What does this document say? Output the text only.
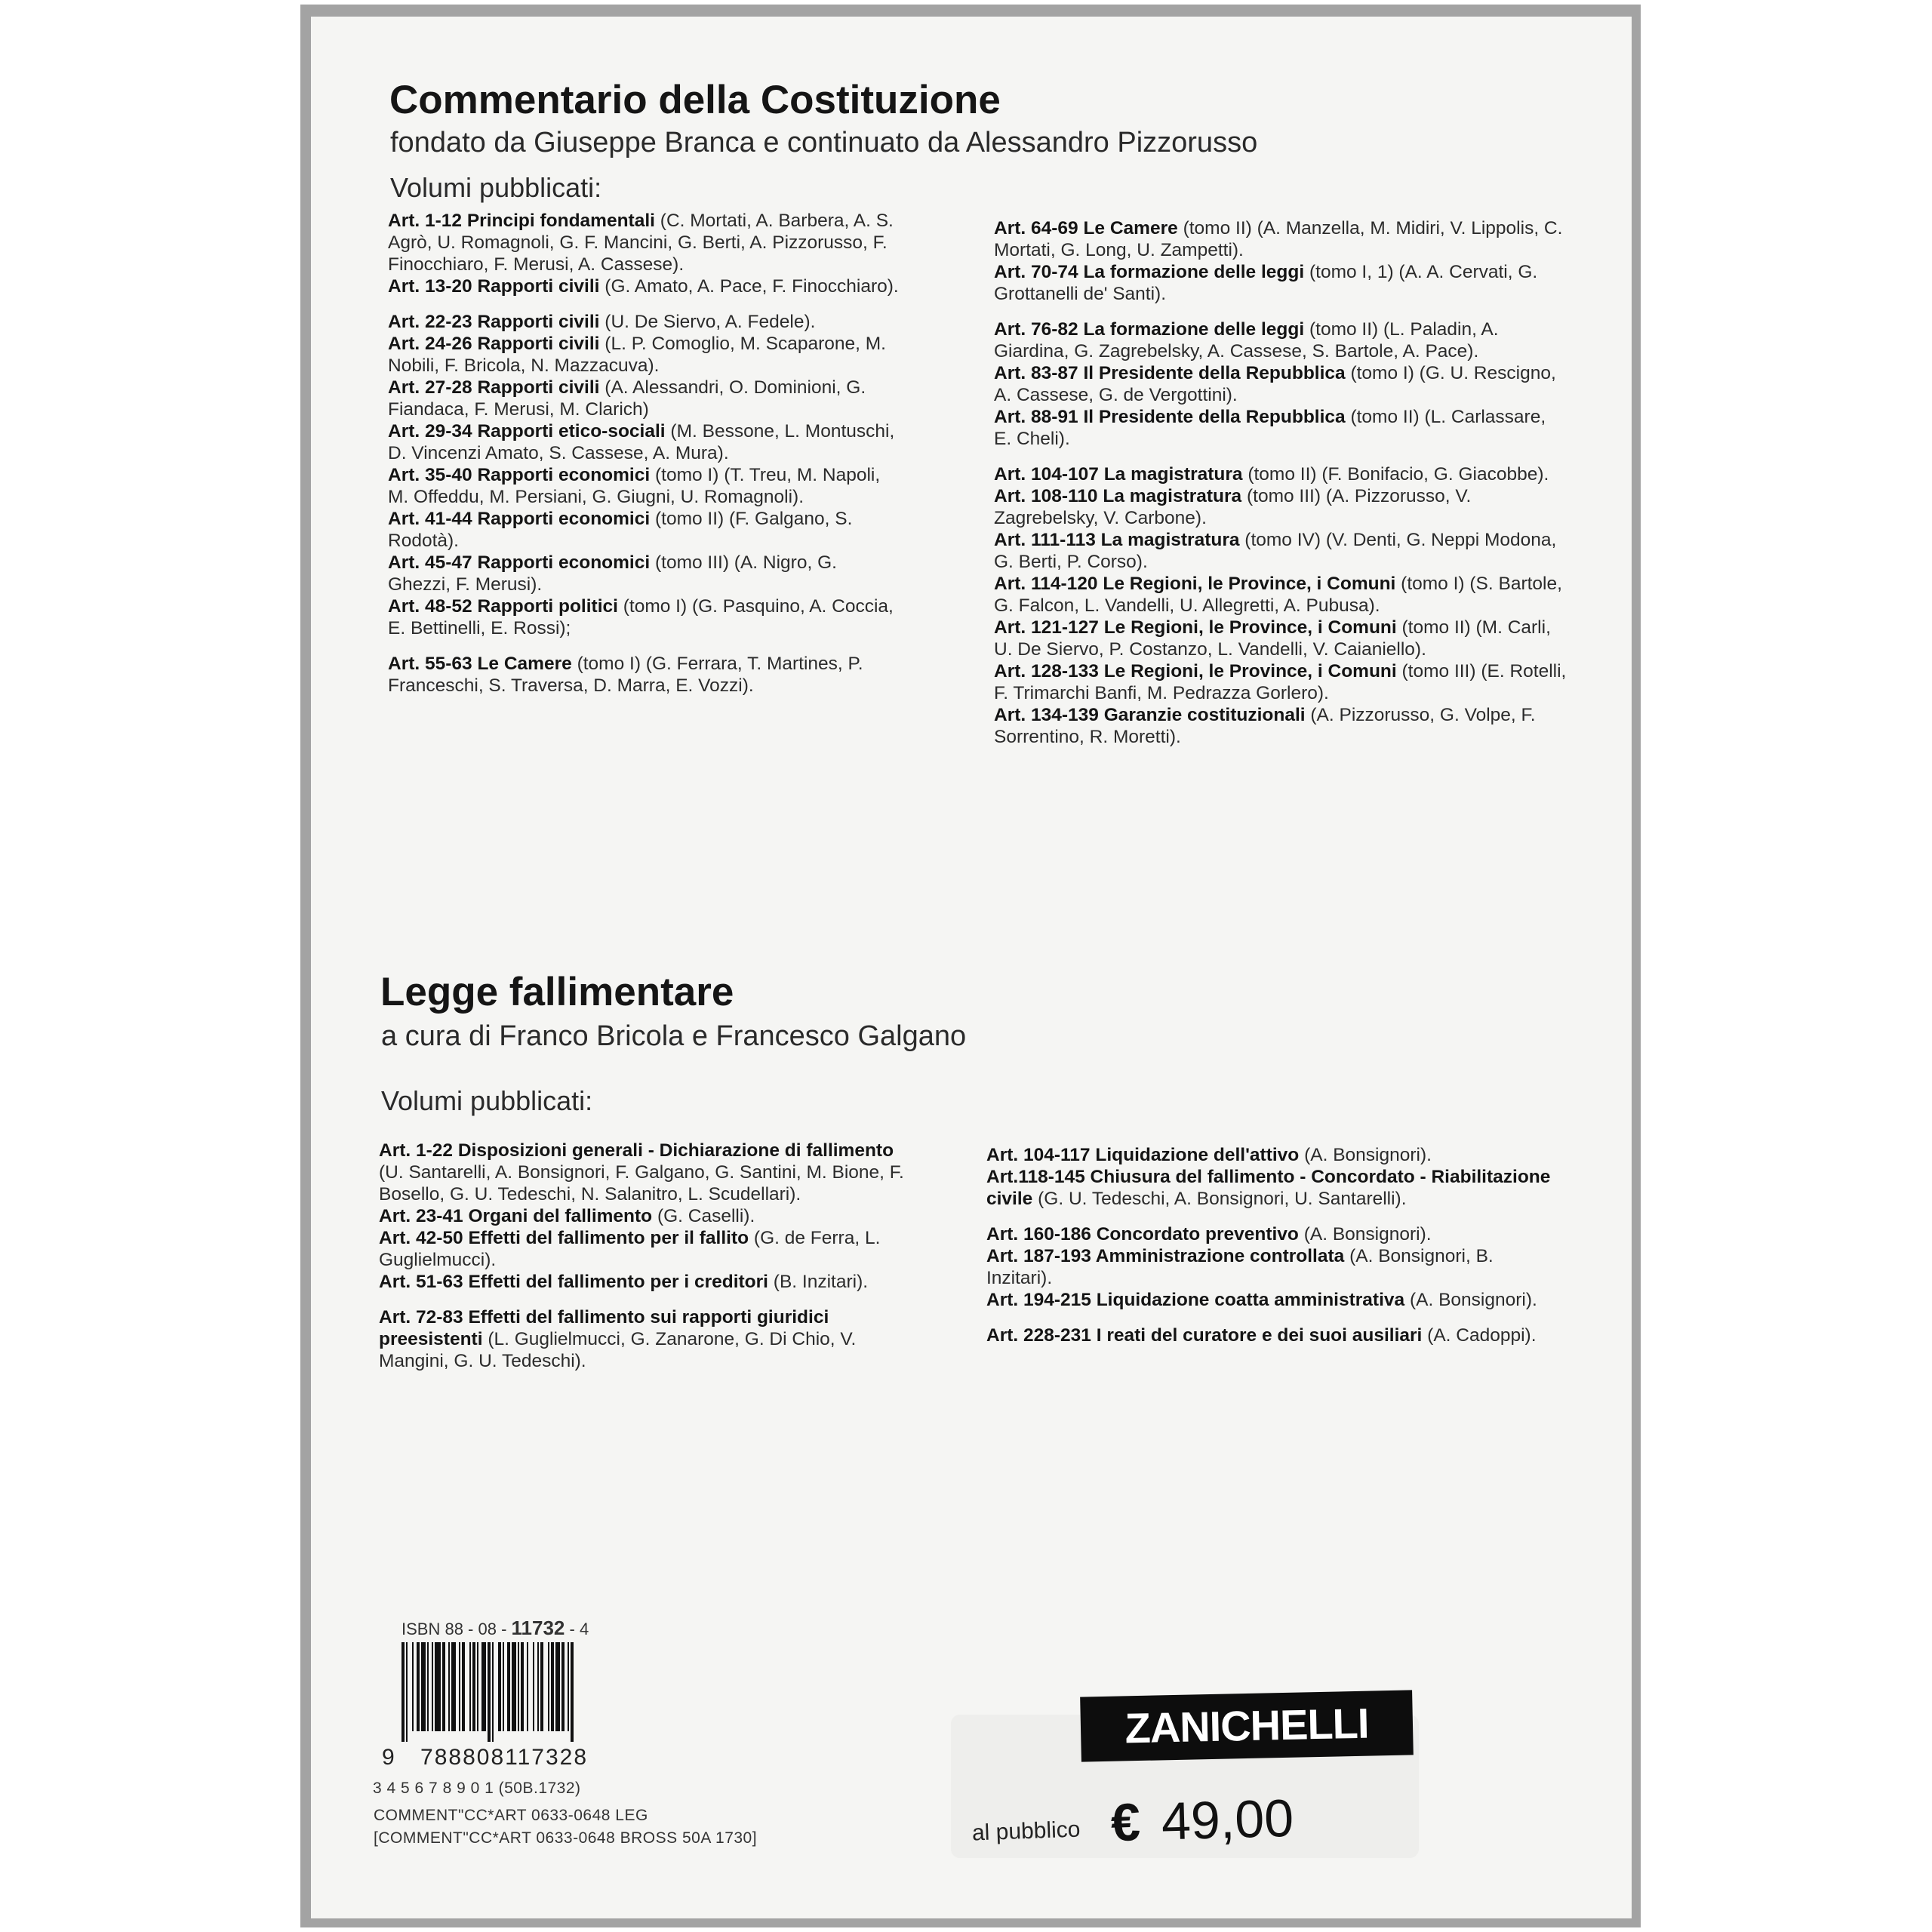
Commentario della Costituzione
fondato da Giuseppe Branca e continuato da Alessandro Pizzorusso
Volumi pubblicati:

Art. 1-12 Principi fondamentali (C. Mortati, A. Barbera, A. S. Agrò, U. Romagnoli, G. F. Mancini, G. Berti, A. Pizzorusso, F. Finocchiaro, F. Merusi, A. Cassese).

Art. 13-20 Rapporti civili (G. Amato, A. Pace, F. Finocchiaro).

Art. 22-23 Rapporti civili (U. De Siervo, A. Fedele).

Art. 24-26 Rapporti civili (L. P. Comoglio, M. Scaparone, M. Nobili, F. Bricola, N. Mazzacuva).

Art. 27-28 Rapporti civili (A. Alessandri, O. Dominioni, G. Fiandaca, F. Merusi, M. Clarich)

Art. 29-34 Rapporti etico-sociali (M. Bessone, L. Montuschi, D. Vincenzi Amato, S. Cassese, A. Mura).

Art. 35-40 Rapporti economici (tomo I) (T. Treu, M. Napoli, M. Offeddu, M. Persiani, G. Giugni, U. Romagnoli).

Art. 41-44 Rapporti economici (tomo II) (F. Galgano, S. Rodotà).

Art. 45-47 Rapporti economici (tomo III) (A. Nigro, G. Ghezzi, F. Merusi).

Art. 48-52 Rapporti politici (tomo I) (G. Pasquino, A. Coccia, E. Bettinelli, E. Rossi);

Art. 55-63 Le Camere (tomo I) (G. Ferrara, T. Martines, P. Franceschi, S. Traversa, D. Marra, E. Vozzi).

Art. 64-69 Le Camere (tomo II) (A. Manzella, M. Midiri, V. Lippolis, C. Mortati, G. Long, U. Zampetti).

Art. 70-74 La formazione delle leggi (tomo I, 1) (A. A. Cervati, G. Grottanelli de' Santi).

Art. 76-82 La formazione delle leggi (tomo II) (L. Paladin, A. Giardina, G. Zagrebelsky, A. Cassese, S. Bartole, A. Pace).

Art. 83-87 Il Presidente della Repubblica (tomo I) (G. U. Rescigno, A. Cassese, G. de Vergottini).

Art. 88-91 Il Presidente della Repubblica (tomo II) (L. Carlassare, E. Cheli).

Art. 104-107 La magistratura (tomo II) (F. Bonifacio, G. Giacobbe).

Art. 108-110 La magistratura (tomo III) (A. Pizzorusso, V. Zagrebelsky, V. Carbone).

Art. 111-113 La magistratura (tomo IV) (V. Denti, G. Neppi Modona, G. Berti, P. Corso).

Art. 114-120 Le Regioni, le Province, i Comuni (tomo I) (S. Bartole, G. Falcon, L. Vandelli, U. Allegretti, A. Pubusa).

Art. 121-127 Le Regioni, le Province, i Comuni (tomo II) (M. Carli, U. De Siervo, P. Costanzo, L. Vandelli, V. Caianiello).

Art. 128-133 Le Regioni, le Province, i Comuni (tomo III) (E. Rotelli, F. Trimarchi Banfi, M. Pedrazza Gorlero).

Art. 134-139 Garanzie costituzionali (A. Pizzorusso, G. Volpe, F. Sorrentino, R. Moretti).

Legge fallimentare
a cura di Franco Bricola e Francesco Galgano
Volumi pubblicati:

Art. 1-22 Disposizioni generali - Dichiarazione di fallimento (U. Santarelli, A. Bonsignori, F. Galgano, G. Santini, M. Bione, F. Bosello, G. U. Tedeschi, N. Salanitro, L. Scudellari).

Art. 23-41 Organi del fallimento (G. Caselli).

Art. 42-50 Effetti del fallimento per il fallito (G. de Ferra, L. Guglielmucci).

Art. 51-63 Effetti del fallimento per i creditori (B. Inzitari).

Art. 72-83 Effetti del fallimento sui rapporti giuridici preesistenti (L. Guglielmucci, G. Zanarone, G. Di Chio, V. Mangini, G. U. Tedeschi).

Art. 104-117 Liquidazione dell'attivo (A. Bonsignori).

Art.118-145 Chiusura del fallimento - Concordato - Riabilitazione civile (G. U. Tedeschi, A. Bonsignori, U. Santarelli).

Art. 160-186 Concordato preventivo (A. Bonsignori).

Art. 187-193 Amministrazione controllata (A. Bonsignori, B. Inzitari).

Art. 194-215 Liquidazione coatta amministrativa (A. Bonsignori).

Art. 228-231 I reati del curatore e dei suoi ausiliari (A. Cadoppi).

ISBN 88 - 08 - 11732 - 4
9 788808117328
3 4 5 6 7 8 9 0 1 (50B.1732)
COMMENT"CC*ART 0633-0648 LEG
[COMMENT"CC*ART 0633-0648 BROSS 50A 1730]
ZANICHELLI
al pubblico € 49,00
